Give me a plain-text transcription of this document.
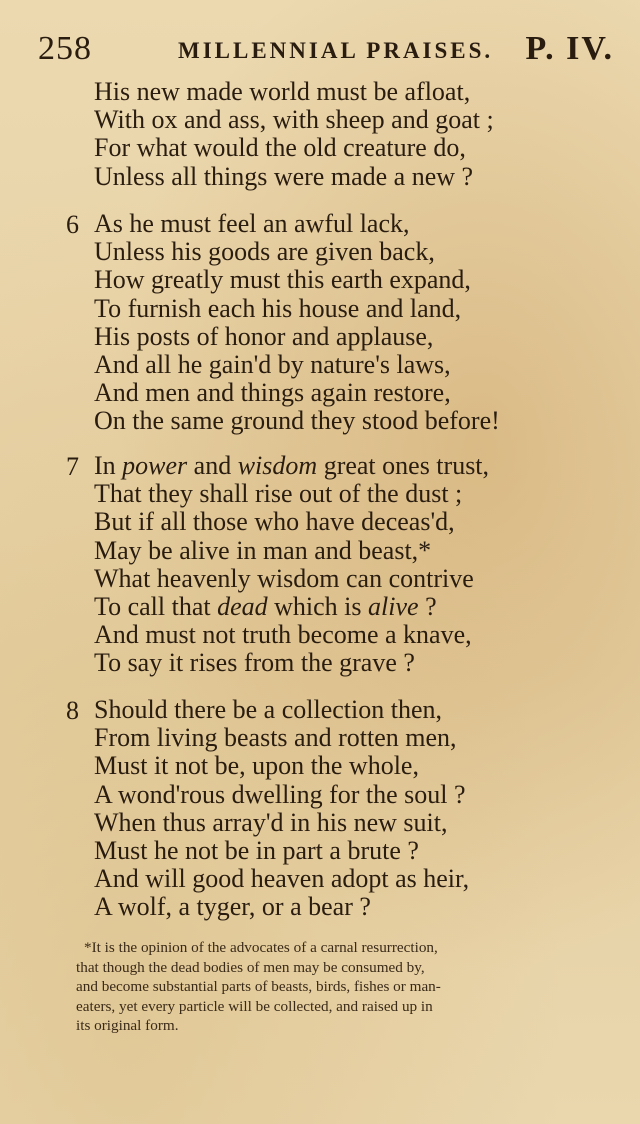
258	MILLENNIAL PRAISES. P. IV.
His new made world must be afloat,
With ox and ass, with sheep and goat ;
For what would the old creature do,
Unless all things were made a new ?
6 As he must feel an awful lack,
Unless his goods are given back,
How greatly must this earth expand,
To furnish each his house and land,
His posts of honor and applause,
And all he gain'd by nature's laws,
And men and things again restore,
On the same ground they stood before!
7 In power and wisdom great ones trust,
That they shall rise out of the dust ;
But if all those who have deceas'd,
May be alive in man and beast,*
What heavenly wisdom can contrive
To call that dead which is alive ?
And must not truth become a knave,
To say it rises from the grave ?
8 Should there be a collection then,
From living beasts and rotten men,
Must it not be, upon the whole,
A wond'rous dwelling for the soul ?
When thus array'd in his new suit,
Must he not be in part a brute ?
And will good heaven adopt as heir,
A wolf, a tyger, or a bear ?
*It is the opinion of the advocates of a carnal resurrection,
that though the dead bodies of men may be consumed by,
and become substantial parts of beasts, birds, fishes or man-
eaters, yet every particle will be collected, and raised up in
its original form.
